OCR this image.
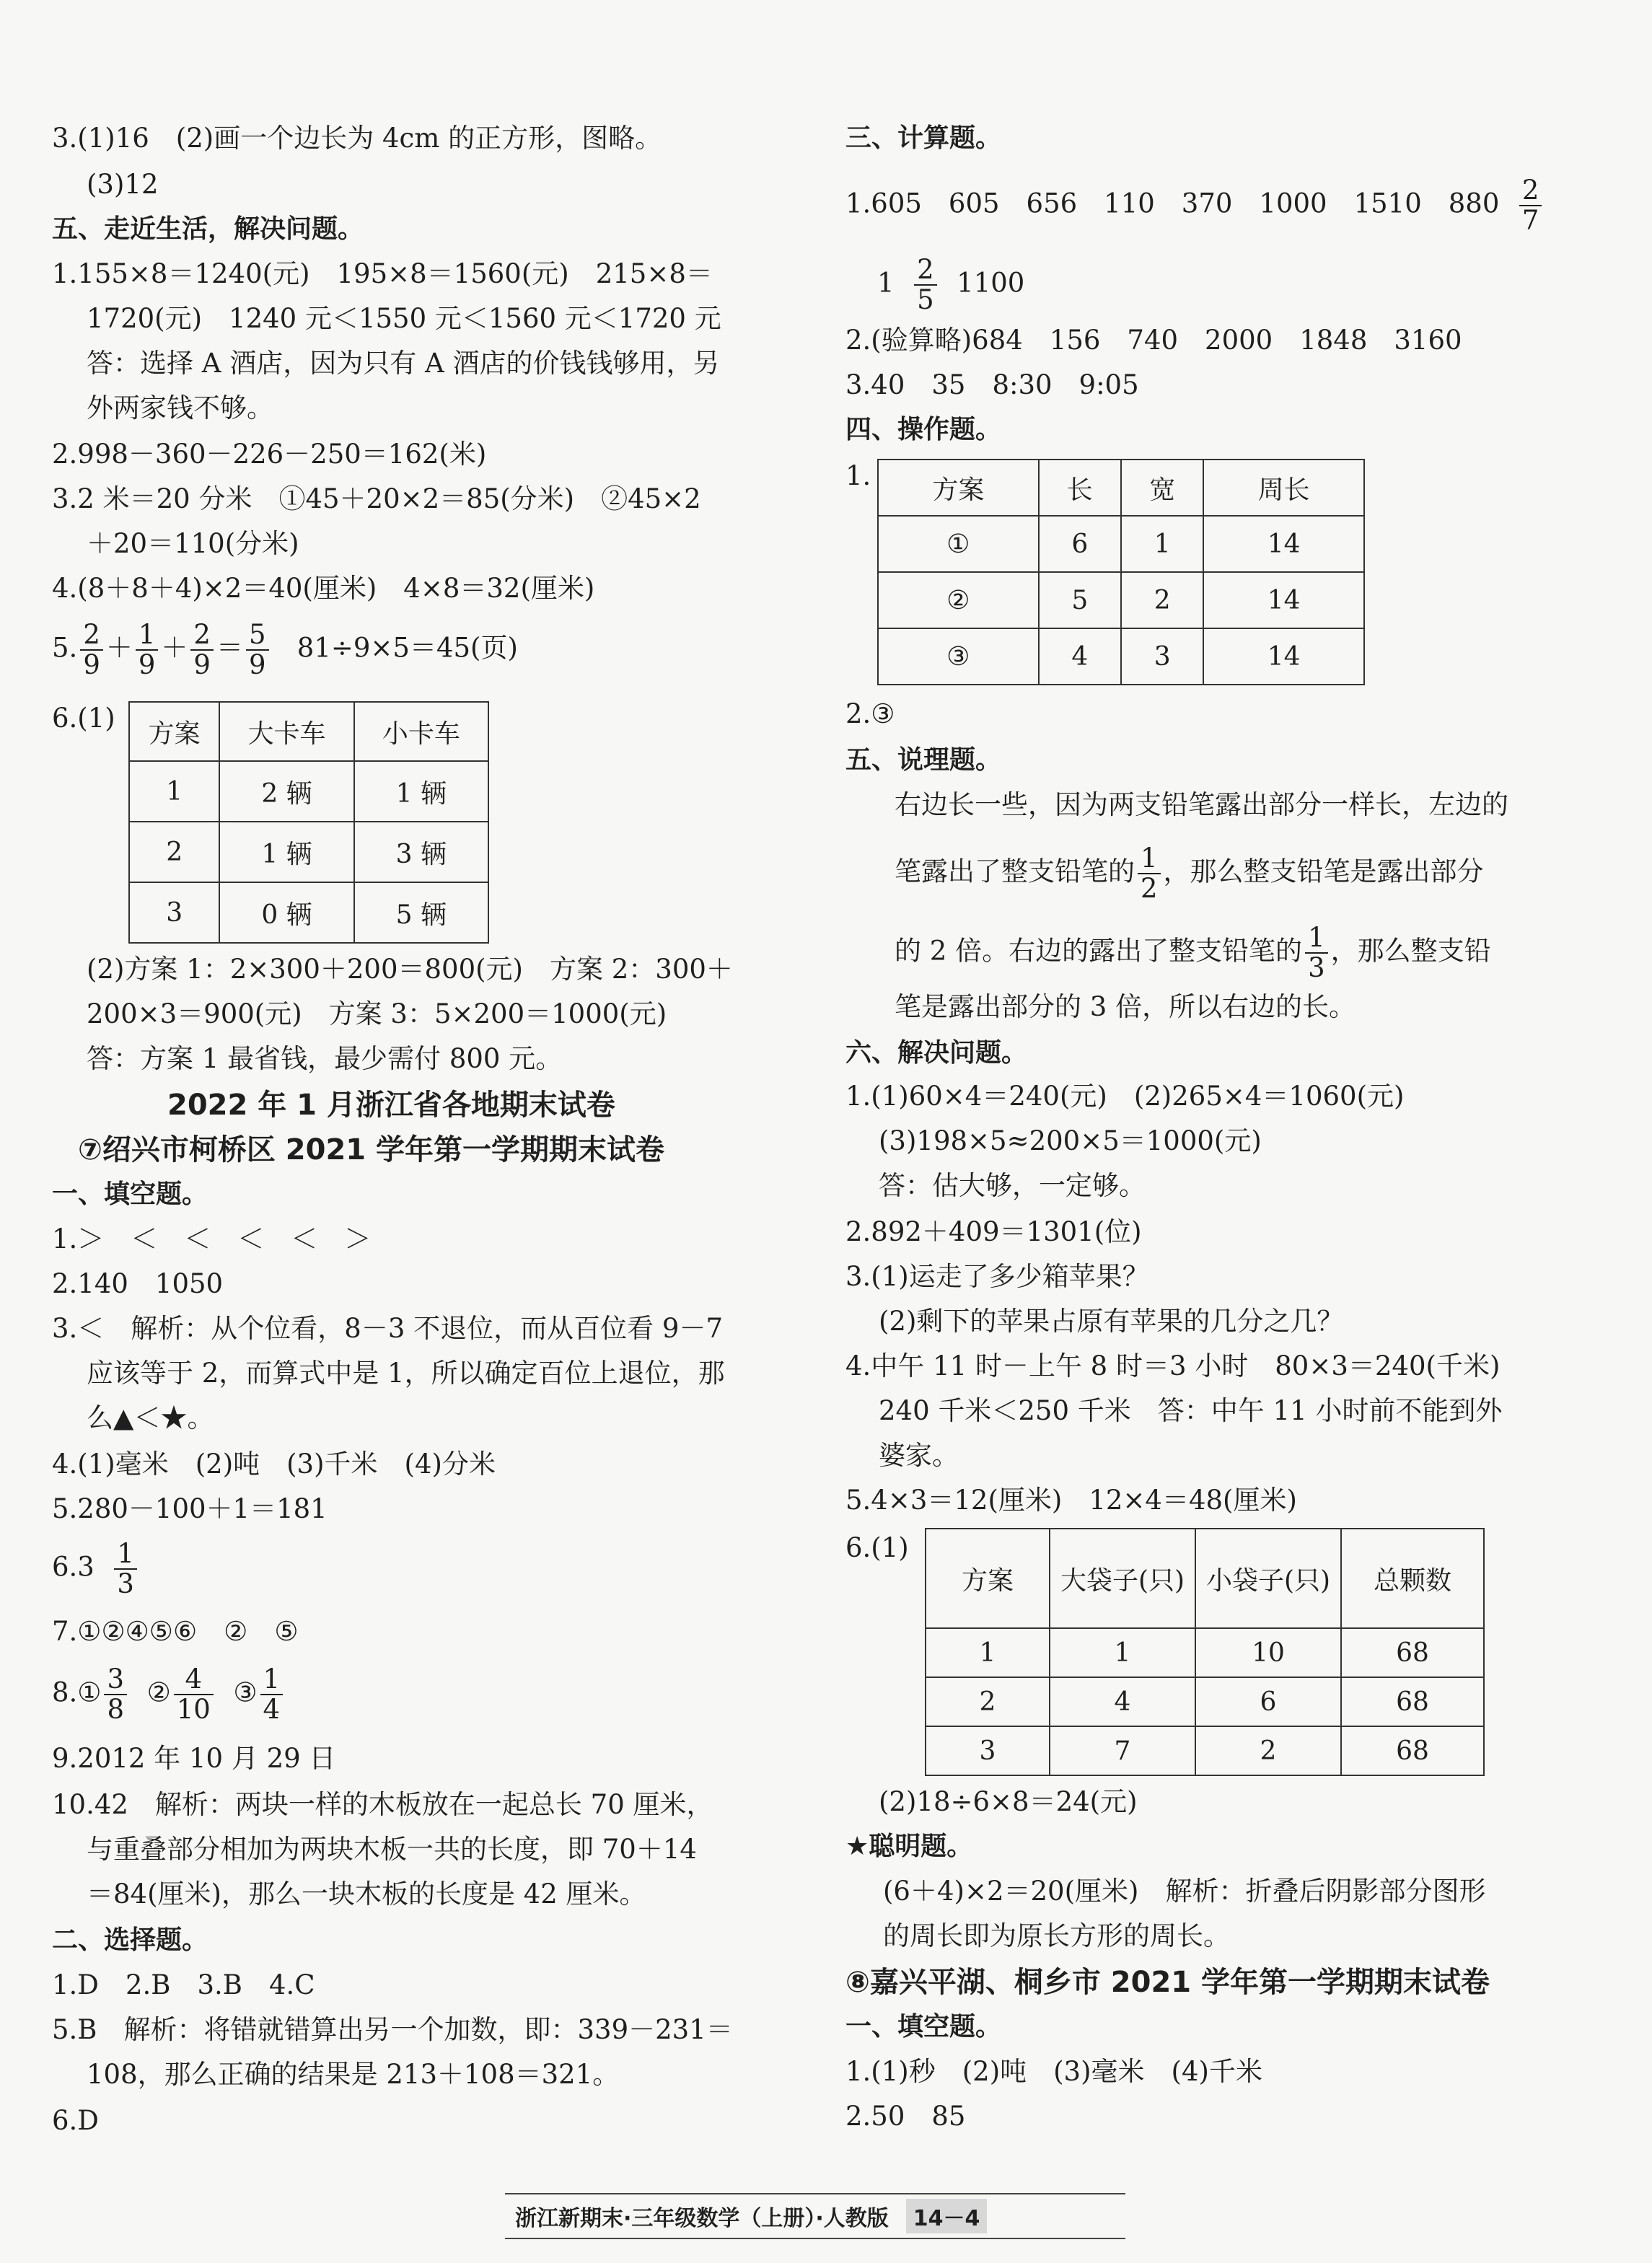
3.(1)16　(2)画一个边长为 4cm 的正方形，图略。
(3)12
五、走近生活，解决问题。
1.155×8＝1240(元)　195×8＝1560(元)　215×8＝
1720(元)　1240 元＜1550 元＜1560 元＜1720 元
答：选择 A 酒店，因为只有 A 酒店的价钱钱够用，另
外两家钱不够。
2.998－360－226－250＝162(米)
3.2 米＝20 分米　①45＋20×2＝85(分米)　②45×2
＋20＝110(分米)
4.(8＋8＋4)×2＝40(厘米)　4×8＝32(厘米)
5. $\frac{2}{9} + \frac{1}{9} + \frac{2}{9} = \frac{5}{9} 81\div 9\times 5=45$(页)
6.(1) 方案	大卡车	小卡车
1	2 辆	1 辆
2	1 辆	3 辆
3	0 辆	5 辆
(2)方案 1：2×300＋200＝800(元)　方案 2：300＋
200×3＝900(元)　方案 3：5×200＝1000(元)
答：方案 1 最省钱，最少需付 800 元。
2022 年 1 月浙江省各地期末试卷
⑦绍兴市柯桥区 2021 学年第一学期期末试卷
一、填空题。
1.＞　＜　＜　＜　＜　＞
2.140　1050
3.＜　解析：从个位看，8－3 不退位，而从百位看 9－7
应该等于 2，而算式中是 1，所以确定百位上退位，那
么▲＜★。
4.(1)毫米　(2)吨　(3)千米　(4)分米
5.280－100＋1＝181
$6.3 \frac{1}{3}$
7.①②④⑤⑥　②　⑤
8.① $\frac{3}{8}$ ② $\frac{4}{10}$ ③ $\frac{1}{4}$
9.2012 年 10 月 29 日
10.42　解析：两块一样的木板放在一起总长 70 厘米，
与重叠部分相加为两块木板一共的长度，即 70＋14
＝84(厘米)，那么一块木板的长度是 42 厘米。
二、选择题。
1.D　2.B　3.B　4.C
5.B　解析：将错就错算出另一个加数，即：339－231＝
108，那么正确的结果是 213＋108＝321。
6.D
三、计算题。
1.605　605　656　110　370　1000　1510　$880 \frac{2}{7}$
$1 \frac{2}{5} 1100$
2.(验算略)684　156　740　2000　1848　3160
3.40　35　8:30　9:05
四、操作题。
1. 方案	长	宽	周长
①	6	1	14
②	5	2	14
③	4	3	14
2.③
五、说理题。
右边长一些，因为两支铅笔露出部分一样长，左边的
笔露出了整支铅笔的 $\frac{1}{2}$ ，那么整支铅笔是露出部分
的 2 倍。右边的露出了整支铅笔的 $\frac{1}{3}$ ，那么整支铅
笔是露出部分的 3 倍，所以右边的长。
六、解决问题。
1.(1)60×4＝240(元)　(2)265×4＝1060(元)
(3)198×5≈200×5＝1000(元)
答：估大够，一定够。
2.892＋409＝1301(位)
3.(1)运走了多少箱苹果？
(2)剩下的苹果占原有苹果的几分之几？
4.中午 11 时－上午 8 时＝3 小时　80×3＝240(千米)
240 千米＜250 千米　答：中午 11 小时前不能到外
婆家。
5.4×3＝12(厘米)　12×4＝48(厘米)
6.(1)
方案	大袋子(只)	小袋子(只)	总颗数
1	1	10	68
2	4	6	68
3	7	2	68
(2)18÷6×8＝24(元)
★聪明题。
(6＋4)×2＝20(厘米)　解析：折叠后阴影部分图形
的周长即为原长方形的周长。
⑧嘉兴平湖、桐乡市 2021 学年第一学期期末试卷
一、填空题。
1.(1)秒　(2)吨　(3)毫米　(4)千米
2.50　85
浙江新期末·三年级数学（上册）·人教版	14－4
